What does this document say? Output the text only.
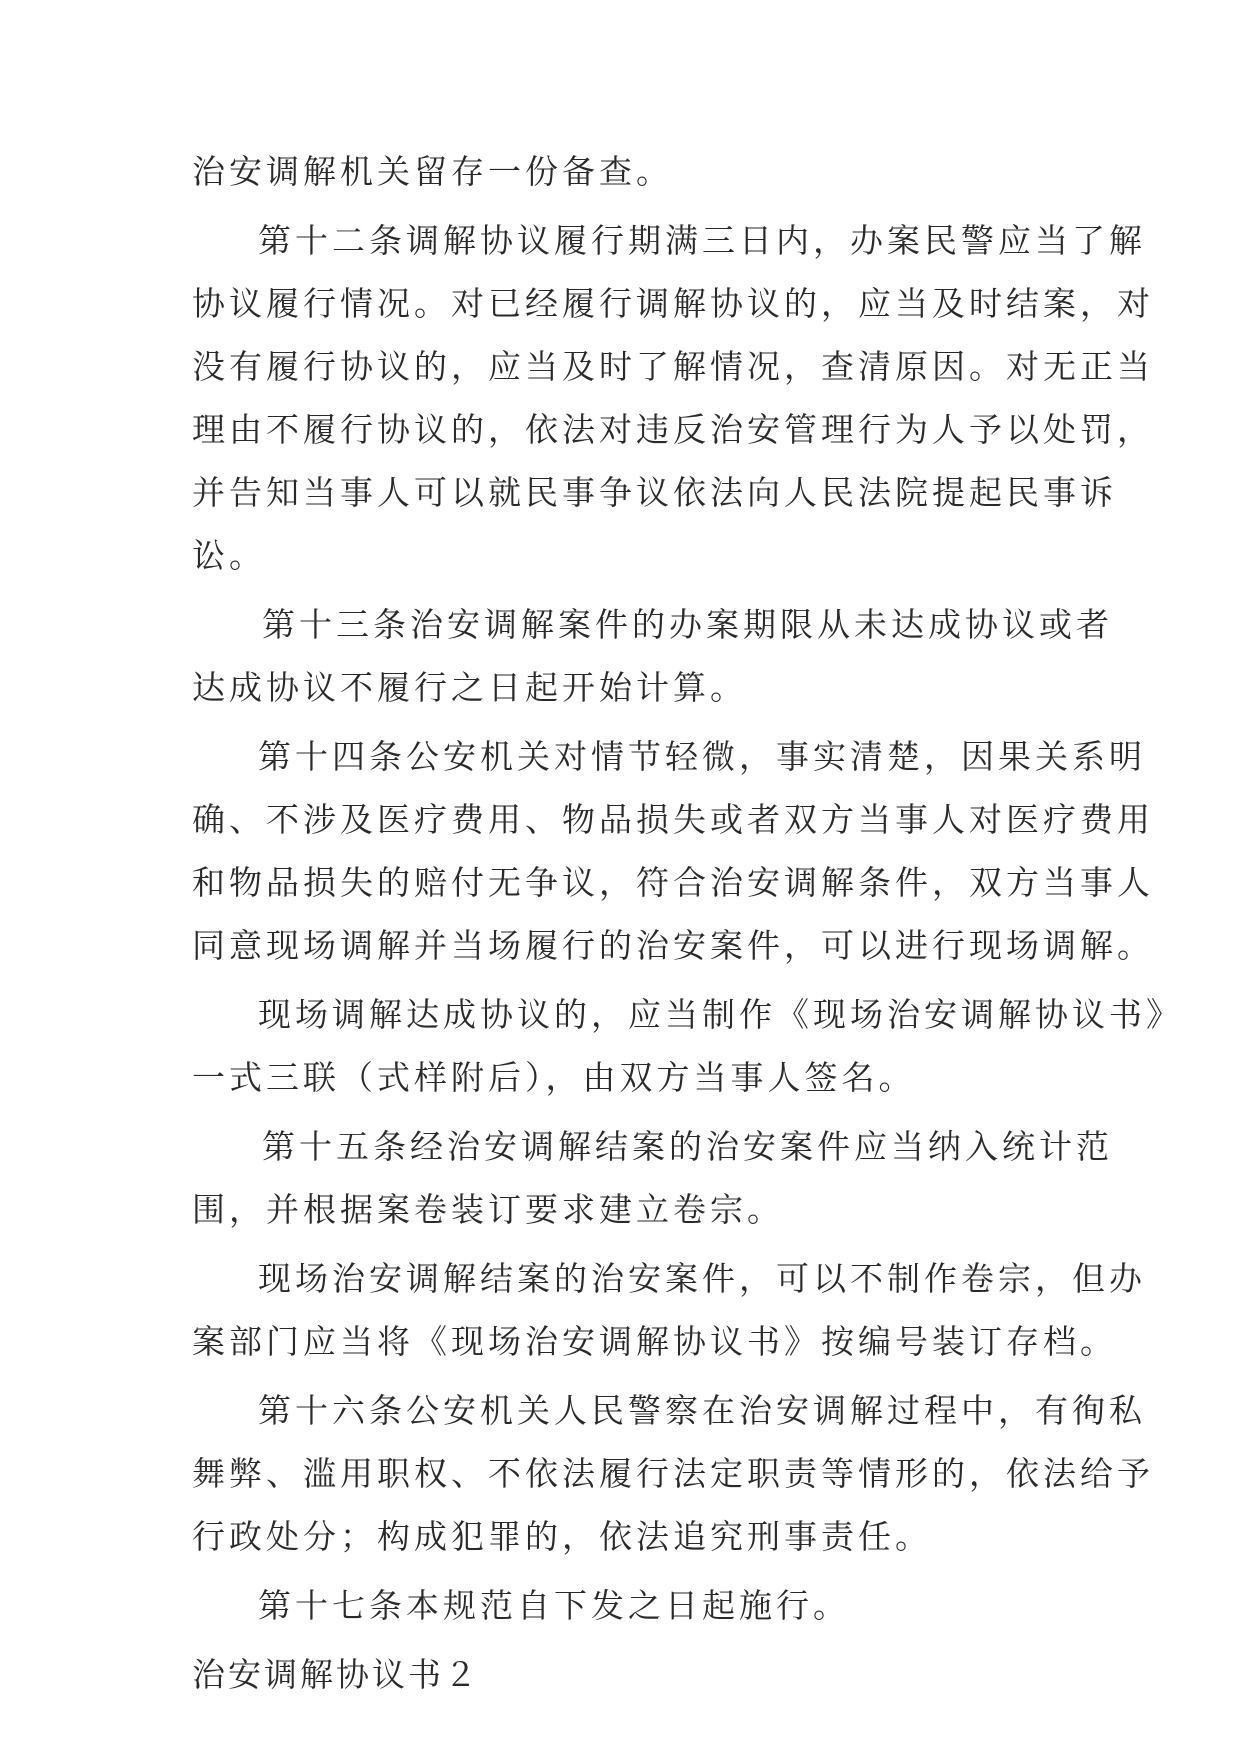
治安调解机关留存一份备查。

第十二条调解协议履行期满三日内，办案民警应当了解

协议履行情况。对已经履行调解协议的，应当及时结案，对

没有履行协议的，应当及时了解情况，查清原因。对无正当

理由不履行协议的，依法对违反治安管理行为人予以处罚，

并告知当事人可以就民事争议依法向人民法院提起民事诉

讼。

第十三条治安调解案件的办案期限从未达成协议或者

达成协议不履行之日起开始计算。

第十四条公安机关对情节轻微，事实清楚，因果关系明

确、不涉及医疗费用、物品损失或者双方当事人对医疗费用

和物品损失的赔付无争议，符合治安调解条件，双方当事人

同意现场调解并当场履行的治安案件，可以进行现场调解。

现场调解达成协议的，应当制作《现场治安调解协议书》

一式三联（式样附后），由双方当事人签名。

第十五条经治安调解结案的治安案件应当纳入统计范

围，并根据案卷装订要求建立卷宗。

现场治安调解结案的治安案件，可以不制作卷宗，但办

案部门应当将《现场治安调解协议书》按编号装订存档。

第十六条公安机关人民警察在治安调解过程中，有徇私

舞弊、滥用职权、不依法履行法定职责等情形的，依法给予

行政处分；构成犯罪的，依法追究刑事责任。

第十七条本规范自下发之日起施行。

治安调解协议书２
